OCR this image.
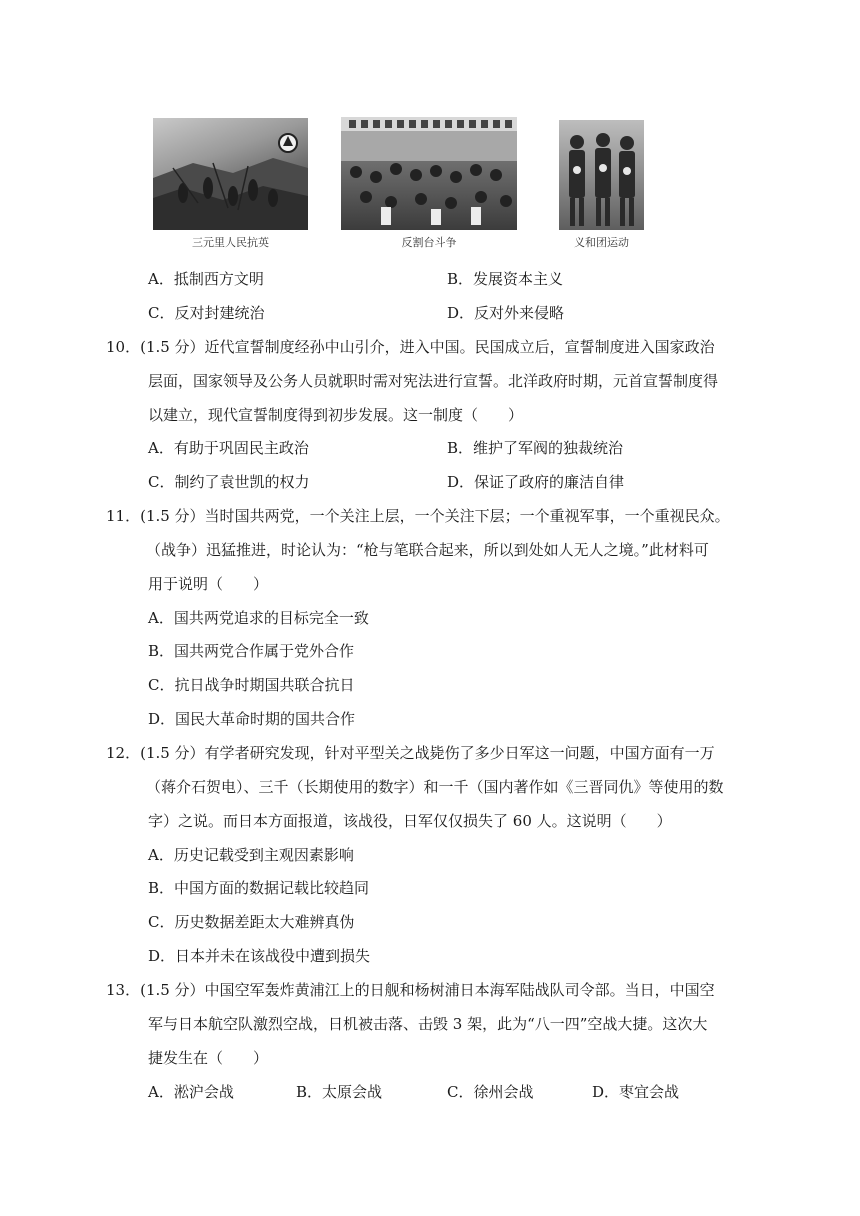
三元里人民抗英	反割台斗争	义和团运动
A．抵制西方文明	B．发展资本主义
C．反对封建统治	D．反对外来侵略
10．(1.5 分）近代宣誓制度经孙中山引介，进入中国。民国成立后，宣誓制度进入国家政治
层面，国家领导及公务人员就职时需对宪法进行宣誓。北洋政府时期，元首宣誓制度得
以建立，现代宣誓制度得到初步发展。这一制度（　　）
A．有助于巩固民主政治	B．维护了军阀的独裁统治
C．制约了袁世凯的权力	D．保证了政府的廉洁自律
11．(1.5 分）当时国共两党，一个关注上层，一个关注下层；一个重视军事，一个重视民众。
（战争）迅猛推进，时论认为：“枪与笔联合起来，所以到处如人无人之境。”此材料可
用于说明（　　）
A．国共两党追求的目标完全一致
B．国共两党合作属于党外合作
C．抗日战争时期国共联合抗日
D．国民大革命时期的国共合作
12．(1.5 分）有学者研究发现，针对平型关之战毙伤了多少日军这一问题，中国方面有一万
（蒋介石贺电）、三千（长期使用的数字）和一千（国内著作如《三晋同仇》等使用的数
字）之说。而日本方面报道，该战役，日军仅仅损失了 60 人。这说明（　　）
A．历史记载受到主观因素影响
B．中国方面的数据记载比较趋同
C．历史数据差距太大难辨真伪
D．日本并未在该战役中遭到损失
13．(1.5 分）中国空军轰炸黄浦江上的日舰和杨树浦日本海军陆战队司令部。当日，中国空
军与日本航空队激烈空战，日机被击落、击毁 3 架，此为“八一四”空战大捷。这次大
捷发生在（　　）
A．淞沪会战	B．太原会战	C．徐州会战	D．枣宜会战
